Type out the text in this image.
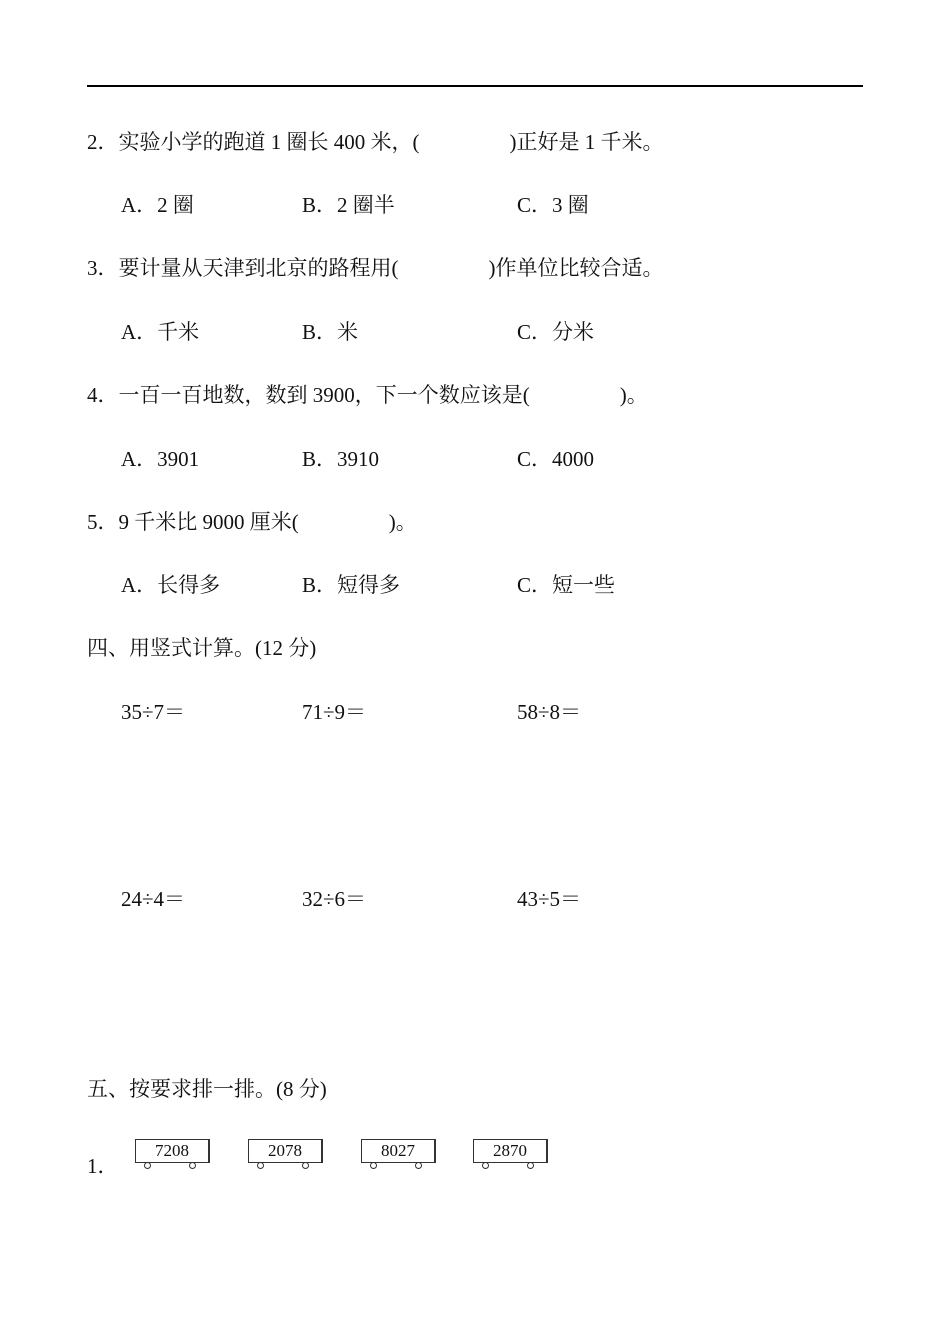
2．实验小学的跑道 1 圈长 400 米，(	)正好是 1 千米。
A．2 圈	B．2 圈半	C．3 圈
3．要计量从天津到北京的路程用(	)作单位比较合适。
A．千米	B．米	C．分米
4．一百一百地数，数到 3900，下一个数应该是(	)。
A．3901	B．3910	C．4000
5．9 千米比 9000 厘米(	)。
A．长得多	B．短得多	C．短一些
四、用竖式计算。(12 分)
35÷7＝	71÷9＝	58÷8＝
24÷4＝	32÷6＝	43÷5＝
五、按要求排一排。(8 分)
1．
7208	2078	8027	2870
